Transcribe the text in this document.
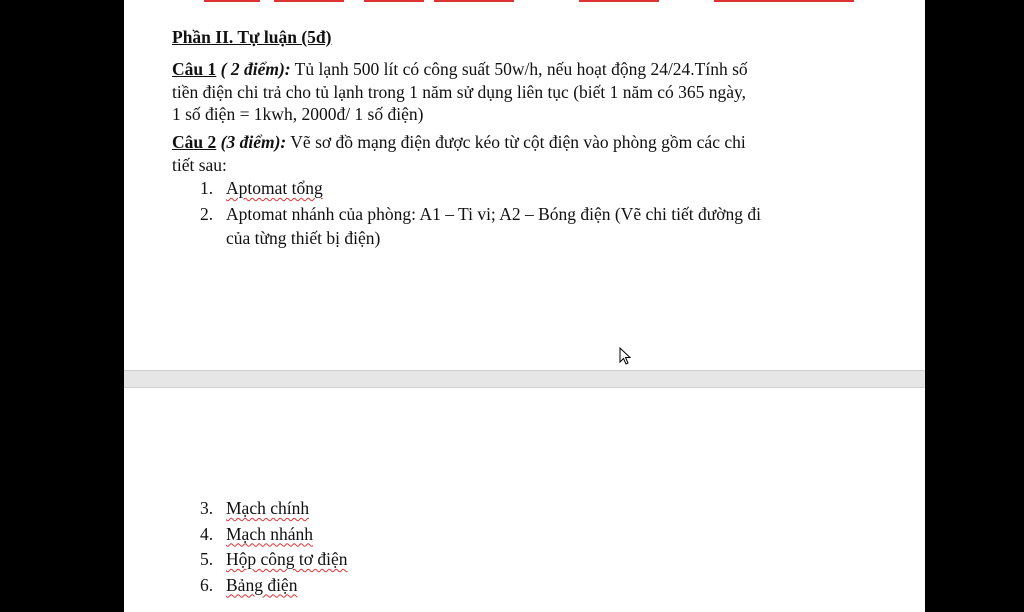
Phần II. Tự luận (5đ)
Câu 1 ( 2 điểm): Tủ lạnh 500 lít có công suất 50w/h, nếu hoạt động 24/24.Tính số
tiền điện chi trả cho tủ lạnh trong 1 năm sử dụng liên tục (biết 1 năm có 365 ngày,
1 số điện = 1kwh, 2000đ/ 1 số điện)
Câu 2 (3 điểm): Vẽ sơ đồ mạng điện được kéo từ cột điện vào phòng gồm các chi
tiết sau:
1. Aptomat tổng
2. Aptomat nhánh của phòng: A1 – Ti vi; A2 – Bóng điện (Vẽ chi tiết đường đi
của từng thiết bị điện)
3. Mạch chính
4. Mạch nhánh
5. Hộp công tơ điện
6. Bảng điện
